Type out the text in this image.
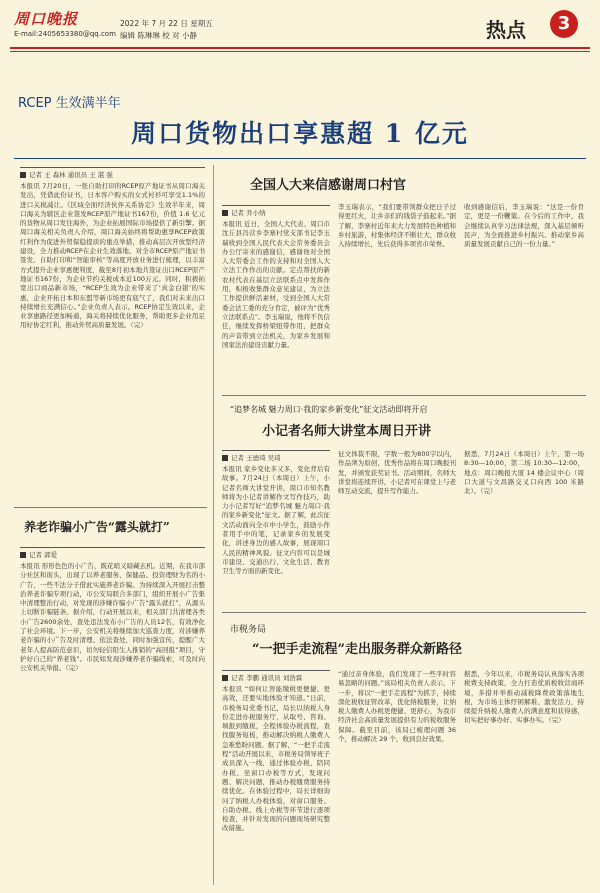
周口晚报
E-mail:2405653380@qq.com
2022 年 7 月 22 日 星期五
编辑 陈琳琳 校 对 小静	热点	3
RCEP 生效满半年
周口货物出口享惠超 1 亿元
记者 王 森林 通讯员 王 湛 强
本报讯 7月20日，一张自助打印的RCEP原产地证书从周口海关发出，凭借此份证书，日本客户购买的女式衬衫可享受1.1%的进口关税减让。《区域全面经济伙伴关系协定》生效半年来，周口海关为辖区企业签发RCEP原产地证书167份，价值 1.6 亿元的货物从周口发往海外，为企业拓展国际市场提供了新引擎。据周口海关相关负责人介绍，周口海关始终将帮助惠享RCEP政策红利作为促进外贸保稳提质的重点举措，推动高层次开放型经济建设，全力推动RCEP在企业生效落地。对全市RCEP原产地证书签发、自助打印和“智能审核”等高度开放业务进行梳理，以丰富方式提升企业享惠便利度，截至8月初本地共签证出口RCEP原产地证书167份，为企业节约关税成本近100万元。同时，积极拓宽出口商品新市场，“RCEP生效为企业带来了‘真金白银’的实惠，企业开拓日本和东盟等新市场更有底气了，我们对未来出口持续增长充满信心。”企业负责人表示。RCEP协定生效以来，企业享惠路径更加畅通，海关将持续优化服务，帮助更多企业用足用好协定红利，推动外贸高质量发展。（完）
全国人大来信感谢周口村官
记者 乔小纳
本报讯 近日，全国人大代表、周口市沈丘县冯营乡李寨村党支部书记李玉瑞收到全国人民代表大会常务委员会办公厅寄来的感谢信，感谢他对全国人大常委会工作的支持和对全国人大立法工作作出的贡献。定点帮扶的新农村代表在基层立法联系点中发挥作用，积极收集群众意见建议，为立法工作提供鲜活素材，受到全国人大常委会法工委的充分肯定，被评为“优秀立法联系点”。李玉瑞说，他将不负信任，继续发挥桥梁纽带作用，把群众的声音带到立法机关，为家乡发展和国家法治建设贡献力量。
李玉瑞表示，“我们要带领群众把日子过得更红火，让乡亲们的钱袋子鼓起来。”据了解，李寨村近年来大力发展特色种植和乡村旅游，村集体经济不断壮大，群众收入持续增长，先后获得多项省市荣誉。
收到感谢信后，李玉瑞说：“这是一份肯定，更是一份鞭策。在今后的工作中，我会继续认真学习法律法规，深入基层倾听民声，为全面推进乡村振兴、推动家乡高质量发展贡献自己的一份力量。”
“追梦名城 魅力周口·我的家乡新变化”征文活动即将开启
小记者名师大讲堂本周日开讲
记者 王德琦 吴琦
本报讯 家乡变化多又多，变化背后有故事。7月24日（本周日）上午，小记者名师大讲堂开讲，周口市知名教师将为小记者讲解作文写作技巧，助力小记者写好“追梦名城 魅力周口·我的家乡新变化”征文。据了解，此次征文活动面向全市中小学生，鼓励小作者用手中的笔，记录家乡的发展变化，讲述身边的感人故事，展现周口人民的精神风貌。征文内容可以是城市建设、交通出行、文化生活、教育卫生等方面的新变化。
征文体裁不限，字数一般为800字以内，作品须为原创，优秀作品将在周口晚报刊发，并颁发获奖证书。活动期间，名师大讲堂将连续开讲，小记者可在课堂上与老师互动交流，提升写作能力。
据悉，7月24日（本周日）上午，第一场 8:30—10:00，第二场 10:30—12:00，地点：周口晚报大厦 14 楼会议中心（周口大道与文昌路交叉口向西 100 米路北）。（完）
养老诈骗小广告“露头就打”
记者 郭爱
本报讯 形形色色的小广告，既花哨又暗藏玄机。近期，在我市部分社区和街头，出现了以养老服务、保健品、投资理财为名的小广告，一些不法分子借此实施养老诈骗。为持续深入开展打击整治养老诈骗专项行动，市公安局联合多部门，组织开展小广告集中清理整治行动，对发现的涉嫌诈骗小广告“露头就打”，从源头上切断诈骗链条。据介绍，行动开展以来，相关部门共清理各类小广告2600余处，查处违法发布小广告的人员12名，有效净化了社会环境。下一步，公安机关将继续加大巡查力度，对涉嫌养老诈骗的小广告及时清理、依法查处，同时加强宣传，提醒广大老年人提高防范意识，切勿轻信陌生人推销的“高回报”项目，守护好自己的“养老钱”。市民如发现涉嫌养老诈骗线索，可及时向公安机关举报。（完）
市税务局
“一把手走流程”走出服务群众新路径
记者 李鹏 通讯员 刘浩霖
本报讯 “如何让智能缴税更便捷、更高效，还要实地体验才知道。”日前，市税务局党委书记、局长以纳税人身份走进办税服务厅，从取号、咨询、填报到缴税，全程体验办税流程，查找服务短板，推动解决纳税人缴费人急难愁盼问题。据了解，“一把手走流程”活动开展以来，市税务局领导班子成员深入一线，通过体验办税、陪同办税、坐窗口办税等方式，发现问题、解决问题，推动办税缴费服务持续优化。在体验过程中，局长详细询问了纳税人办税体验，对窗口服务、自助办税、线上办税等环节进行逐项检查，并针对发现的问题现场研究整改措施。
“通过亲身体验，我们发现了一些平时容易忽略的问题。”该局相关负责人表示，下一步，将以“一把手走流程”为抓手，持续深化税收征管改革，优化纳税服务，让纳税人缴费人办税更便捷、更舒心，为我市经济社会高质量发展提供有力的税收服务保障。截至目前，该局已梳理问题 36 个，推动解决 29 个，收到良好效果。
据悉，今年以来，市税务局认真落实各项税费支持政策，全力打造优质税收营商环境，多措并举推动减税降费政策落地生根，为市场主体纾困解难、激发活力，持续提升纳税人缴费人的满意度和获得感，切实把好事办好、实事办实。（完）
